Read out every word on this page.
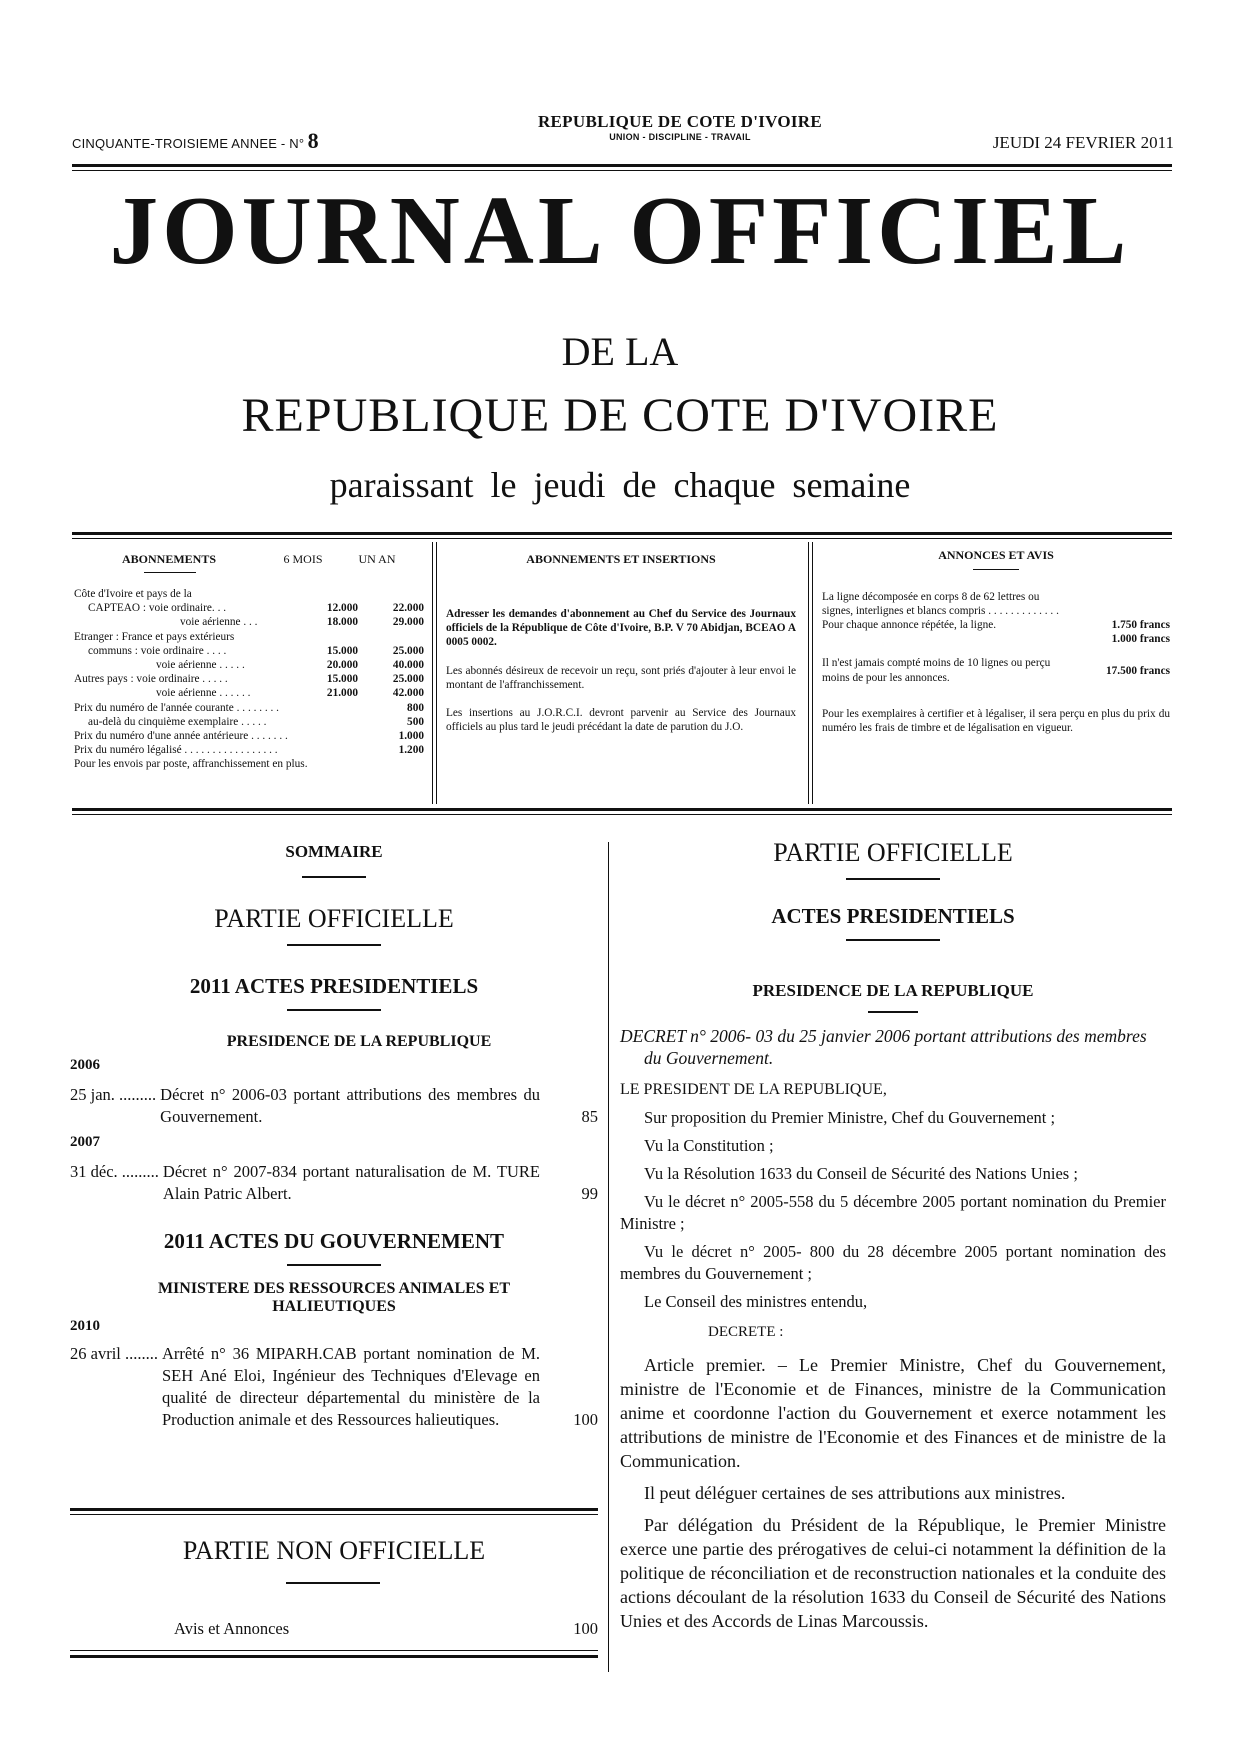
CINQUANTE-TROISIEME ANNEE - N° 8
REPUBLIQUE DE COTE D'IVOIRE
UNION - DISCIPLINE - TRAVAIL	JEUDI 24 FEVRIER 2011
JOURNAL OFFICIEL
DE LA
REPUBLIQUE DE COTE D'IVOIRE
paraissant le jeudi de chaque semaine
ABONNEMENTS	6 MOIS	UN AN
Côte d'Ivoire et pays de la
CAPTEAO : voie ordinaire. . .	12.000	22.000
voie aérienne . . .	18.000	29.000
Etranger : France et pays extérieurs
communs : voie ordinaire . . . .	15.000	25.000
voie aérienne . . . . .	20.000	40.000
Autres pays : voie ordinaire . . . . .	15.000	25.000
voie aérienne . . . . . .	21.000	42.000
Prix du numéro de l'année courante . . . . . . . .	800
au-delà du cinquième exemplaire . . . . .	500
Prix du numéro d'une année antérieure . . . . . . .	1.000
Prix du numéro légalisé . . . . . . . . . . . . . . . . .	1.200
Pour les envois par poste, affranchissement en plus.
ABONNEMENTS ET INSERTIONS
Adresser les demandes d'abonnement au Chef du Service des Journaux officiels de la République de Côte d'Ivoire, B.P. V 70 Abidjan, BCEAO A 0005 0002.
Les abonnés désireux de recevoir un reçu, sont priés d'ajouter à leur envoi le montant de l'affranchissement.
Les insertions au J.O.R.C.I. devront parvenir au Service des Journaux officiels au plus tard le jeudi précédant la date de parution du J.O.
ANNONCES ET AVIS
La ligne décomposée en corps 8 de 62 lettres ou signes, interlignes et blancs compris . . . . . . . . . . . . .
Pour chaque annonce répétée, la ligne.	1.750 francs
1.000 francs
Il n'est jamais compté moins de 10 lignes ou perçu moins de pour les annonces.
17.500 francs
Pour les exemplaires à certifier et à légaliser, il sera perçu en plus du prix du numéro les frais de timbre et de légalisation en vigueur.
SOMMAIRE
PARTIE OFFICIELLE
2011 ACTES PRESIDENTIELS
PRESIDENCE DE LA REPUBLIQUE
2006
25 jan. ......... Décret n° 2006-03 portant attributions des membres du Gouvernement.	85
2007
31 déc. ......... Décret n° 2007-834 portant naturalisation de M. TURE Alain Patric Albert.	99
2011 ACTES DU GOUVERNEMENT
MINISTERE DES RESSOURCES ANIMALES ET HALIEUTIQUES
2010
26 avril ........ Arrêté n° 36 MIPARH.CAB portant nomination de M. SEH Ané Eloi, Ingénieur des Techniques d'Elevage en qualité de directeur départemental du ministère de la Production animale et des Ressources halieutiques.	100
PARTIE NON OFFICIELLE
Avis et Annonces	100
PARTIE OFFICIELLE
ACTES PRESIDENTIELS
PRESIDENCE DE LA REPUBLIQUE
DECRET n° 2006- 03 du 25 janvier 2006 portant attributions des membres du Gouvernement.
LE PRESIDENT DE LA REPUBLIQUE,
Sur proposition du Premier Ministre, Chef du Gouvernement ;
Vu la Constitution ;
Vu la Résolution 1633 du Conseil de Sécurité des Nations Unies ;
Vu le décret n° 2005-558 du 5 décembre 2005 portant nomination du Premier Ministre ;
Vu le décret n° 2005- 800 du 28 décembre 2005 portant nomination des membres du Gouvernement ;
Le Conseil des ministres entendu,
DECRETE :
Article premier. – Le Premier Ministre, Chef du Gouvernement, ministre de l'Economie et de Finances, ministre de la Communication anime et coordonne l'action du Gouvernement et exerce notamment les attributions de ministre de l'Economie et des Finances et de ministre de la Communication.
Il peut déléguer certaines de ses attributions aux ministres.
Par délégation du Président de la République, le Premier Ministre exerce une partie des prérogatives de celui-ci notamment la définition de la politique de réconciliation et de reconstruction nationales et la conduite des actions découlant de la résolution 1633 du Conseil de Sécurité des Nations Unies et des Accords de Linas Marcoussis.
